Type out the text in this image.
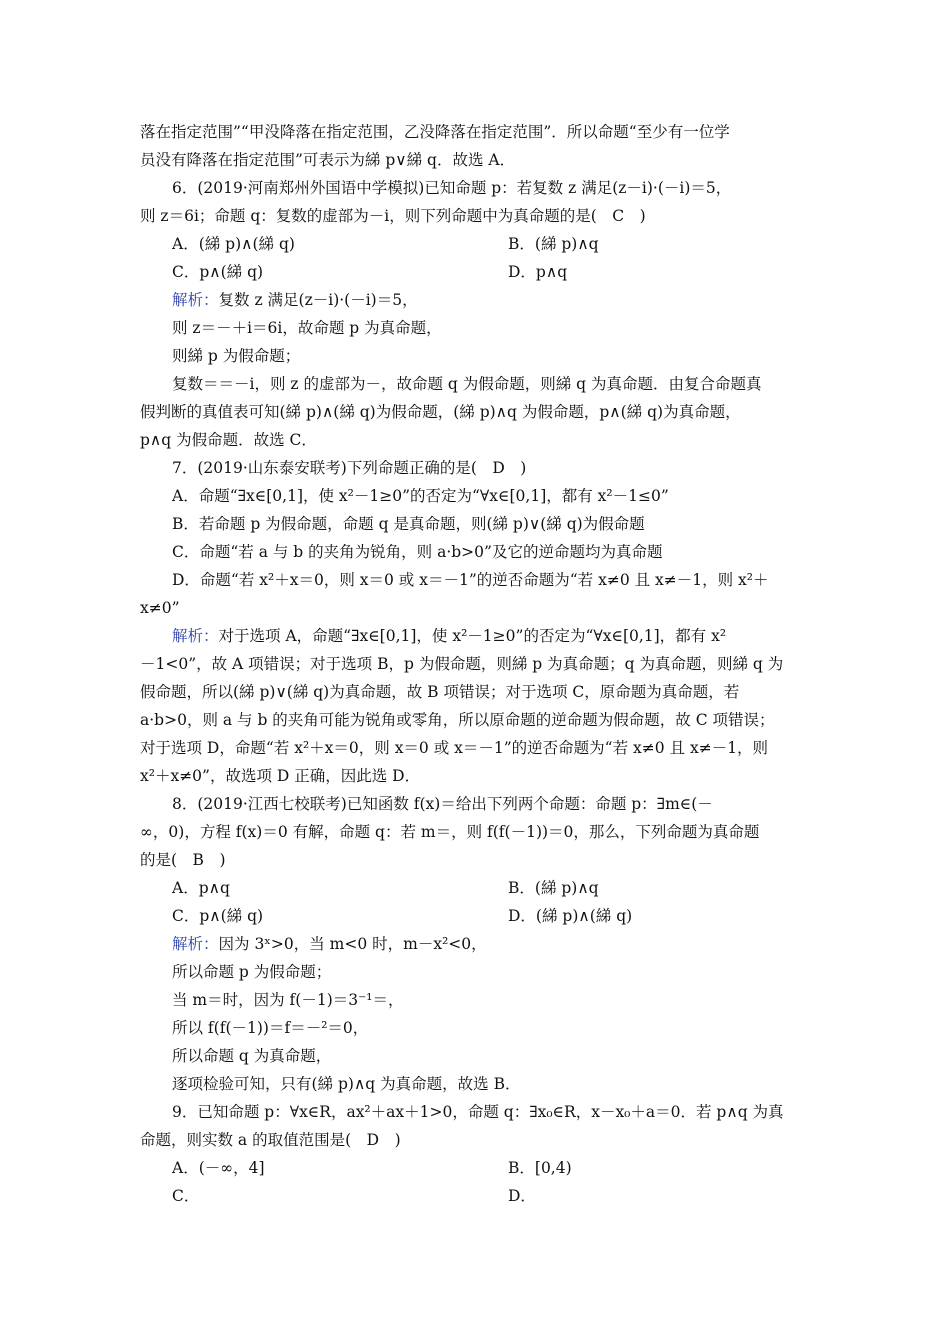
落在指定范围”“甲没降落在指定范围，乙没降落在指定范围”．所以命题“至少有一位学
员没有降落在指定范围”可表示为綈 p∨綈 q．故选 A．
6．(2019·河南郑州外国语中学模拟)已知命题 p：若复数 z 满足(z－i)·(－i)＝5，
则 z＝6i；命题 q：复数的虚部为－i，则下列命题中为真命题的是(　C　)
A．(綈 p)∧(綈 q)	B．(綈 p)∧q
C．p∧(綈 q)	D．p∧q
解析：复数 z 满足(z－i)·(－i)＝5，
则 z＝－＋i＝6i，故命题 p 为真命题，
则綈 p 为假命题；
复数＝＝－i，则 z 的虚部为－，故命题 q 为假命题，则綈 q 为真命题．由复合命题真
假判断的真值表可知(綈 p)∧(綈 q)为假命题，(綈 p)∧q 为假命题，p∧(綈 q)为真命题，
p∧q 为假命题．故选 C．
7．(2019·山东泰安联考)下列命题正确的是(　D　)
A．命题“∃x∈[0,1]，使 x²－1≥0”的否定为“∀x∈[0,1]，都有 x²－1≤0”
B．若命题 p 为假命题，命题 q 是真命题，则(綈 p)∨(綈 q)为假命题
C．命题“若 a 与 b 的夹角为锐角，则 a·b>0”及它的逆命题均为真命题
D．命题“若 x²＋x＝0，则 x＝0 或 x＝－1”的逆否命题为“若 x≠0 且 x≠－1，则 x²＋
x≠0”
解析：对于选项 A，命题“∃x∈[0,1]，使 x²－1≥0”的否定为“∀x∈[0,1]，都有 x²
－1<0”，故 A 项错误；对于选项 B，p 为假命题，则綈 p 为真命题；q 为真命题，则綈 q 为
假命题，所以(綈 p)∨(綈 q)为真命题，故 B 项错误；对于选项 C，原命题为真命题，若
a·b>0，则 a 与 b 的夹角可能为锐角或零角，所以原命题的逆命题为假命题，故 C 项错误；
对于选项 D，命题“若 x²＋x＝0，则 x＝0 或 x＝－1”的逆否命题为“若 x≠0 且 x≠－1，则
x²＋x≠0”，故选项 D 正确，因此选 D．
8．(2019·江西七校联考)已知函数 f(x)＝给出下列两个命题：命题 p：∃m∈(－
∞，0)，方程 f(x)＝0 有解，命题 q：若 m＝，则 f(f(－1))＝0，那么，下列命题为真命题
的是(　B　)
A．p∧q	B．(綈 p)∧q
C．p∧(綈 q)	D．(綈 p)∧(綈 q)
解析：因为 3ˣ>0，当 m<0 时，m－x²<0，
所以命题 p 为假命题；
当 m＝时，因为 f(－1)＝3⁻¹＝，
所以 f(f(－1))＝f＝－²＝0，
所以命题 q 为真命题，
逐项检验可知，只有(綈 p)∧q 为真命题，故选 B．
9．已知命题 p：∀x∈R，ax²＋ax＋1>0，命题 q：∃x₀∈R，x－x₀＋a＝0．若 p∧q 为真
命题，则实数 a 的取值范围是(　D　)
A．(－∞，4]	B．[0,4)
C．	D．
